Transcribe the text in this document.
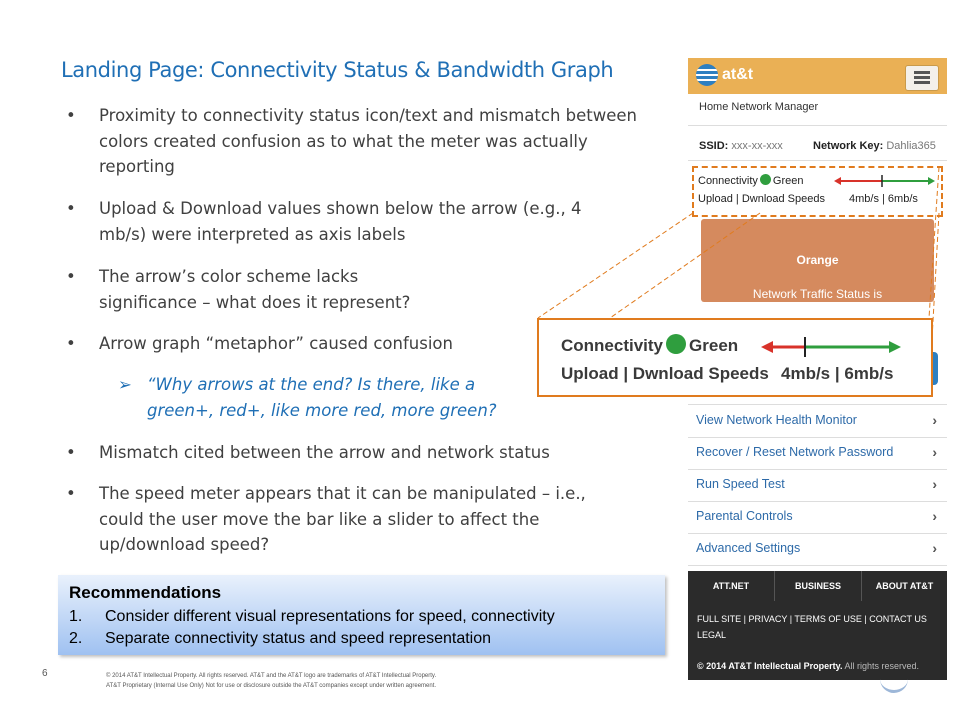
Landing Page: Connectivity Status & Bandwidth Graph
• Proximity to connectivity status icon/text and mismatch between colors created confusion as to what the meter was actually reporting
• Upload & Download values shown below the arrow (e.g., 4 mb/s) were interpreted as axis labels
• The arrow’s color scheme lacks significance – what does it represent?
• Arrow graph “metaphor” caused confusion
➢ “Why arrows at the end? Is there, like a green+, red+, like more red, more green?
• Mismatch cited between the arrow and network status
• The speed meter appears that it can be manipulated – i.e., could the user move the bar like a slider to affect the up/download speed?
Recommendations
1. Consider different visual representations for speed, connectivity
2. Separate connectivity status and speed representation
6	© 2014 AT&T Intellectual Property. All rights reserved. AT&T and the AT&T logo are trademarks of AT&T Intellectual Property.
AT&T Proprietary (Internal Use Only) Not for use or disclosure outside the AT&T companies except under written agreement.
at&t
Home Network Manager
SSID: xxx-xx-xxx	Network Key: Dahlia365
Connectivity Green
Upload | Dwnload Speeds 4mb/s | 6mb/s
Network Traffic Status is
Orange
View Network Health Monitor	›
Recover / Reset Network Password	›
Run Speed Test	›
Parental Controls	›
Advanced Settings	›
ATT.NET	BUSINESS	ABOUT AT&T
FULL SITE | PRIVACY | TERMS OF USE | CONTACT US
LEGAL
© 2014 AT&T Intellectual Property. All rights reserved.
Connectivity Green
Upload | Dwnload Speeds 4mb/s | 6mb/s
